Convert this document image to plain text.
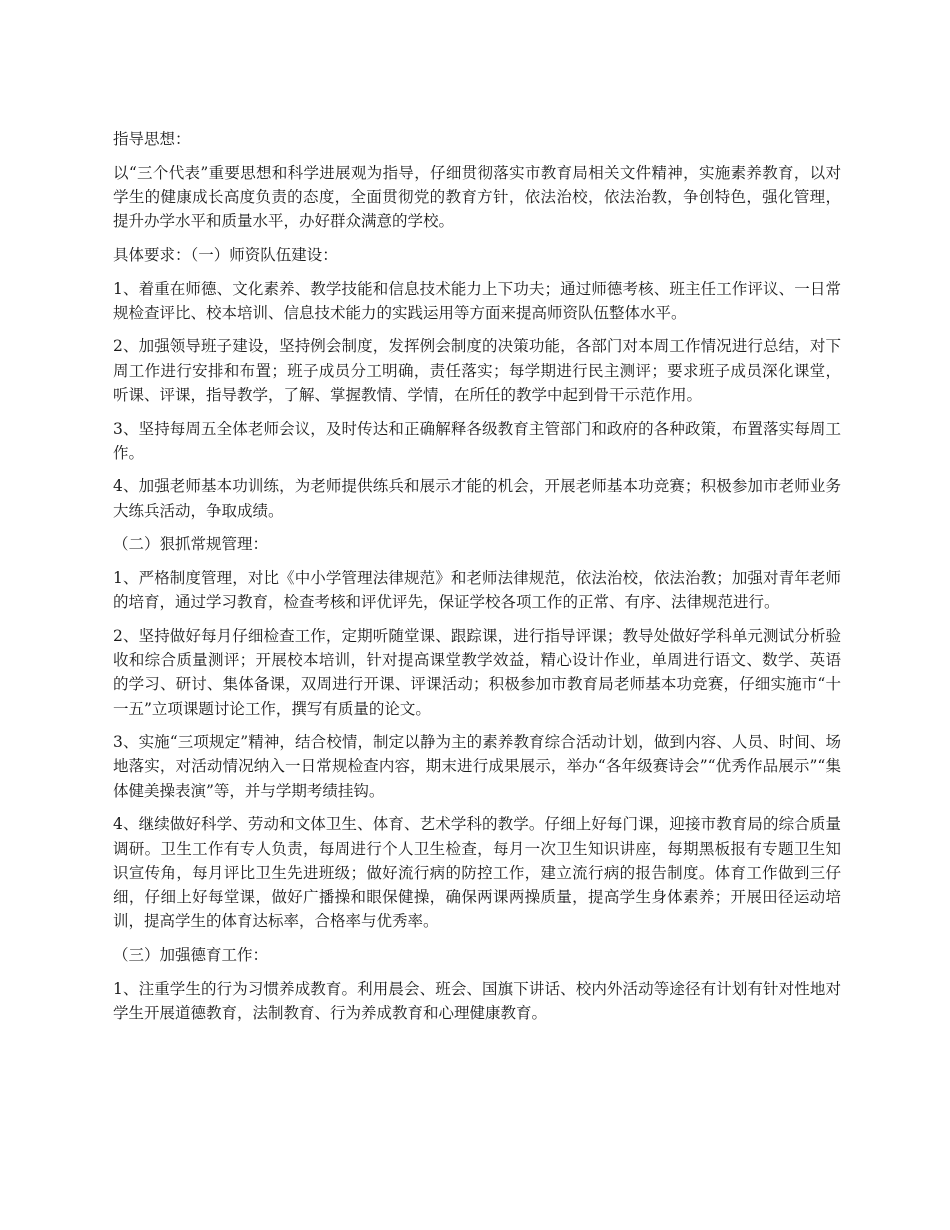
指导思想：

以“三个代表”重要思想和科学进展观为指导，仔细贯彻落实市教育局相关文件精神，实施素养教育，以对学生的健康成长高度负责的态度，全面贯彻党的教育方针，依法治校，依法治教，争创特色，强化管理，提升办学水平和质量水平，办好群众满意的学校。

具体要求：（一）师资队伍建设：

1、着重在师德、文化素养、教学技能和信息技术能力上下功夫；通过师德考核、班主任工作评议、一日常规检查评比、校本培训、信息技术能力的实践运用等方面来提高师资队伍整体水平。

2、加强领导班子建设，坚持例会制度，发挥例会制度的决策功能，各部门对本周工作情况进行总结，对下周工作进行安排和布置；班子成员分工明确，责任落实；每学期进行民主测评；要求班子成员深化课堂，听课、评课，指导教学，了解、掌握教情、学情，在所任的教学中起到骨干示范作用。

3、坚持每周五全体老师会议，及时传达和正确解释各级教育主管部门和政府的各种政策，布置落实每周工作。

4、加强老师基本功训练，为老师提供练兵和展示才能的机会，开展老师基本功竞赛；积极参加市老师业务大练兵活动，争取成绩。

（二）狠抓常规管理：

1、严格制度管理，对比《中小学管理法律规范》和老师法律规范，依法治校，依法治教；加强对青年老师的培育，通过学习教育，检查考核和评优评先，保证学校各项工作的正常、有序、法律规范进行。

2、坚持做好每月仔细检查工作，定期听随堂课、跟踪课，进行指导评课；教导处做好学科单元测试分析验收和综合质量测评；开展校本培训，针对提高课堂教学效益，精心设计作业，单周进行语文、数学、英语的学习、研讨、集体备课，双周进行开课、评课活动；积极参加市教育局老师基本功竞赛，仔细实施市“十一五”立项课题讨论工作，撰写有质量的论文。

3、实施“三项规定”精神，结合校情，制定以静为主的素养教育综合活动计划，做到内容、人员、时间、场地落实，对活动情况纳入一日常规检查内容，期末进行成果展示，举办“各年级赛诗会”“优秀作品展示”“集体健美操表演”等，并与学期考绩挂钩。

4、继续做好科学、劳动和文体卫生、体育、艺术学科的教学。仔细上好每门课，迎接市教育局的综合质量调研。卫生工作有专人负责，每周进行个人卫生检查，每月一次卫生知识讲座，每期黑板报有专题卫生知识宣传角，每月评比卫生先进班级；做好流行病的防控工作，建立流行病的报告制度。体育工作做到三仔细，仔细上好每堂课，做好广播操和眼保健操，确保两课两操质量，提高学生身体素养；开展田径运动培训，提高学生的体育达标率，合格率与优秀率。

（三）加强德育工作：

1、注重学生的行为习惯养成教育。利用晨会、班会、国旗下讲话、校内外活动等途径有计划有针对性地对学生开展道德教育，法制教育、行为养成教育和心理健康教育。
